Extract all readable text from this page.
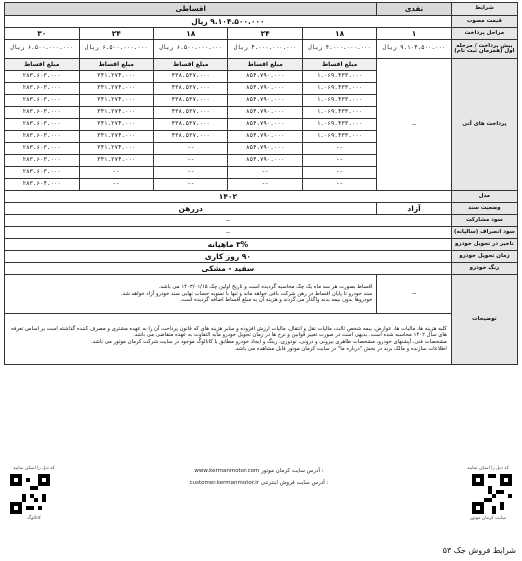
شرایط	نقدی	اقساطی				
قیمت مصوب	۹.۱۰۴.۵۰۰.۰۰۰ ریال					
مراحل پرداخت	۱	۱۸	۲۴	۱۸	۲۴	۳۰
پیش پرداخت / مرحله اول (همزمان ثبت نام)	۹.۱۰۴.۵۰۰.۰۰۰ ریال	۴.۰۰۰.۰۰۰.۰۰۰ ریال	۴.۰۰۰.۰۰۰.۰۰۰ ریال	۶.۵۰۰.۰۰۰.۰۰۰ ریال	۶.۵۰۰.۰۰۰.۰۰۰ ریال	۶.۵۰۰.۰۰۰.۰۰۰ ریال
پرداخت های آتی	--	مبلغ اقساط	مبلغ اقساط	مبلغ اقساط	مبلغ اقساط	مبلغ اقساط
		۱.۰۶۹.۴۳۳.۰۰۰	۸۵۴.۷۹۰.۰۰۰	۴۳۸.۵۳۷.۰۰۰	۳۴۱.۲۷۴.۰۰۰	۲۸۳.۶۰۳.۰۰۰
		۱.۰۶۹.۴۳۳.۰۰۰	۸۵۴.۷۹۰.۰۰۰	۴۳۸.۵۳۷.۰۰۰	۳۴۱.۲۷۴.۰۰۰	۲۸۳.۶۰۳.۰۰۰
		۱.۰۶۹.۴۳۳.۰۰۰	۸۵۴.۷۹۰.۰۰۰	۴۳۸.۵۳۷.۰۰۰	۳۴۱.۲۷۴.۰۰۰	۲۸۳.۶۰۳.۰۰۰
		۱.۰۶۹.۴۳۳.۰۰۰	۸۵۴.۷۹۰.۰۰۰	۴۳۸.۵۳۷.۰۰۰	۳۴۱.۲۷۴.۰۰۰	۲۸۳.۶۰۳.۰۰۰
		۱.۰۶۹.۴۳۳.۰۰۰	۸۵۴.۷۹۰.۰۰۰	۴۳۸.۵۳۷.۰۰۰	۳۴۱.۲۷۴.۰۰۰	۲۸۳.۶۰۳.۰۰۰
		۱.۰۶۹.۴۳۳.۰۰۰	۸۵۴.۷۹۰.۰۰۰	۴۳۸.۵۳۷.۰۰۰	۳۴۱.۲۷۴.۰۰۰	۲۸۳.۶۰۳.۰۰۰
		--	۸۵۴.۷۹۰.۰۰۰	--	۳۴۱.۲۷۴.۰۰۰	۲۸۳.۶۰۳.۰۰۰
		--	۸۵۴.۷۹۰.۰۰۰	--	۳۴۱.۲۷۴.۰۰۰	۲۸۳.۶۰۳.۰۰۰
		--	--	--	--	۲۸۳.۶۰۳.۰۰۰
		--	--	--	--	۲۸۳.۶۰۴.۰۰۰
مدل	۱۴۰۲					
وضعیت سند	آزاد	دررهن				
سود مشارکت	--					
سود انصراف (سالیانه)	--					
تاخیر در تحویل خودرو	۳% ماهیانه					
زمان تحویل خودرو	۹۰ روز کاری					
رنگ خودرو	سفید - مشکی					
توضیحات	--	اقساط بصورت هر سه ماه یک چک محاسبه گردیده است و تاریخ اولین چک ۱۴۰۳/۰۱/۱۵ می باشد.
سند خودرو تا پایان اقساط در رهن شرکت باقی خواهد ماند و تنها با تسویه حساب نهایی سند خودرو آزاد خواهد شد.
خودروها بدون بیمه بدنه واگذار می گردند و هزینه آن به مبلغ اقساط اضافه گردیده است.				

	کلیه هزینه ها، مالیات ها، عوارض، بیمه شخص ثالث، مالیات نقل و انتقال، مالیات ارزش افزوده و سایر هزینه های که قانون پرداخت آن را به عهده مشتری و مصرف کننده گذاشته است بر اساس تعرفه های سال ۱۴۰۲ محاسبه شده است. بدیهی است در صورت تغییر قوانین و نرخ ها در زمان تحویل خودرو مابه التفاوت به عهده متقاضی می باشد.
مشخصات فنی، آپشنهای خودرو، مشخصات ظاهری بیرونی و درونی، تودوزی، رینگ و ایجاد خودرو مطابق با کاتالوگ موجود در سایت شرکت کرمان موتور می باشد.
اطلاعات سازنده و مالک برند در بخش "درباره ما" در سایت کرمان موتور قابل مشاهده می باشد.					
کد ذیل را اسکن نمایید
کاتالوگ
www.kermanmotor.com آدرس سایت کرمان موتور :
customer.kermanmotor.ir آدرس سایت فروش اینترنتی :
کد ذیل را اسکن نمایید
سایت کرمان موتور
شرایط فروش جک ۵۳
